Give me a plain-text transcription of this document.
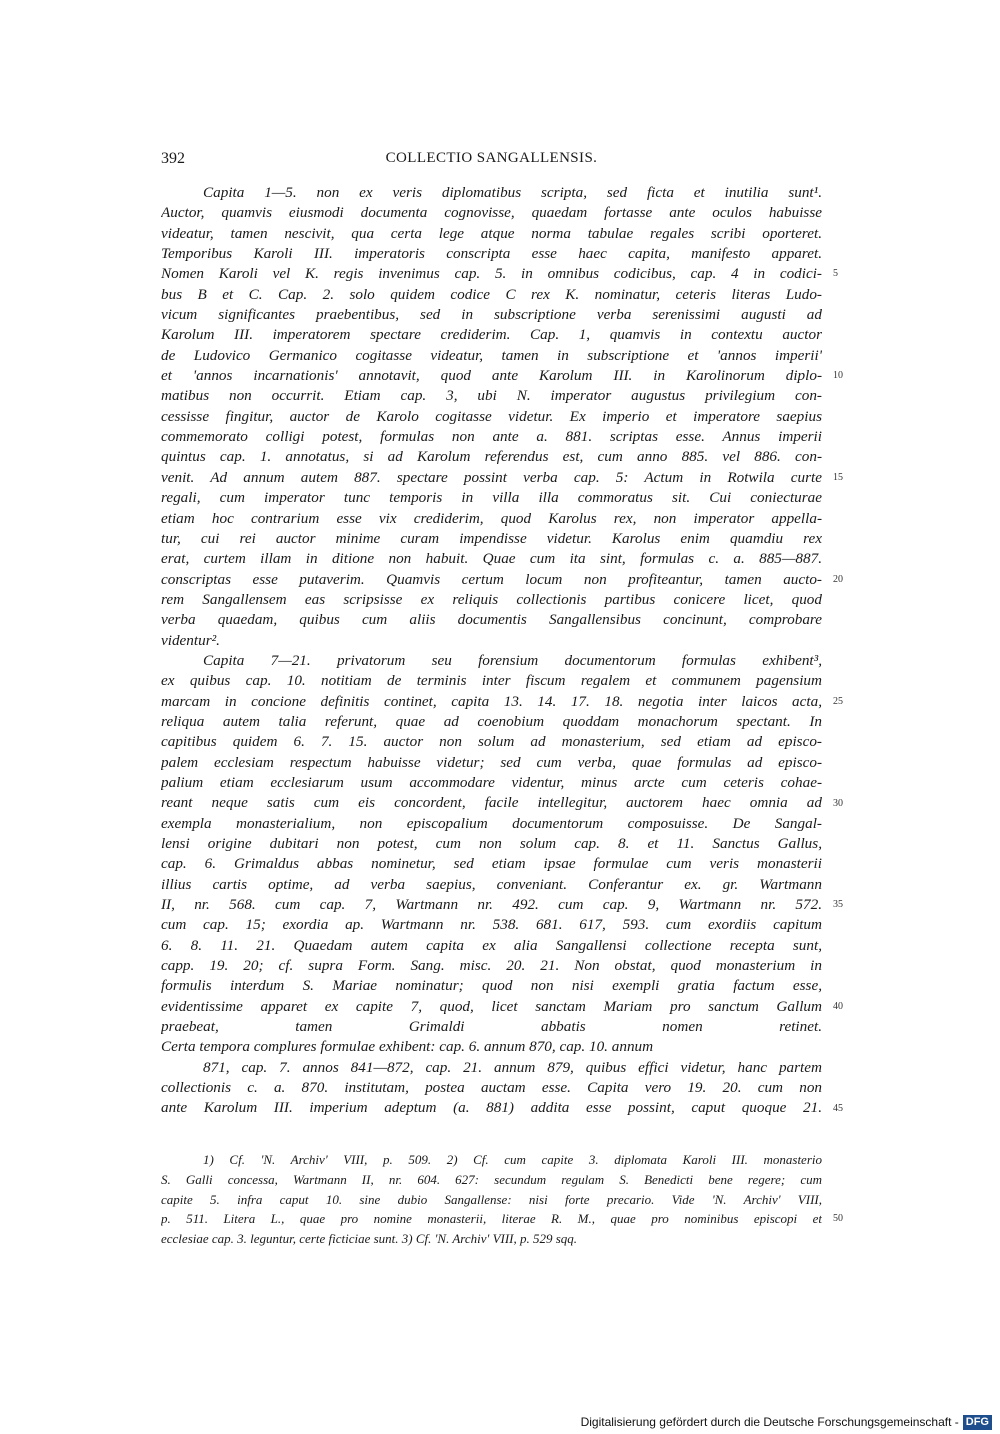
392	COLLECTIO SANGALLENSIS.
Capita 1—5. non ex veris diplomatibus scripta, sed ficta et inutilia sunt¹.
Auctor, quamvis eiusmodi documenta cognovisse, quaedam fortasse ante oculos habuisse
videatur, tamen nescivit, qua certa lege atque norma tabulae regales scribi oporteret.
Temporibus Karoli III. imperatoris conscripta esse haec capita, manifesto apparet.
Nomen Karoli vel K. regis invenimus cap. 5. in omnibus codicibus, cap. 4 in codici-
bus B et C. Cap. 2. solo quidem codice C rex K. nominatur, ceteris literas Ludo-
vicum significantes praebentibus, sed in subscriptione verba serenissimi augusti ad
Karolum III. imperatorem spectare crediderim. Cap. 1, quamvis in contextu auctor
de Ludovico Germanico cogitasse videatur, tamen in subscriptione et 'annos imperii'
et 'annos incarnationis' annotavit, quod ante Karolum III. in Karolinorum diplo-
matibus non occurrit. Etiam cap. 3, ubi N. imperator augustus privilegium con-
cessisse fingitur, auctor de Karolo cogitasse videtur. Ex imperio et imperatore saepius
commemorato colligi potest, formulas non ante a. 881. scriptas esse. Annus imperii
quintus cap. 1. annotatus, si ad Karolum referendus est, cum anno 885. vel 886. con-
venit. Ad annum autem 887. spectare possint verba cap. 5: Actum in Rotwila curte
regali, cum imperator tunc temporis in villa illa commoratus sit. Cui coniecturae
etiam hoc contrarium esse vix crediderim, quod Karolus rex, non imperator appella-
tur, cui rei auctor minime curam impendisse videtur. Karolus enim quamdiu rex
erat, curtem illam in ditione non habuit. Quae cum ita sint, formulas c. a. 885—887.
conscriptas esse putaverim. Quamvis certum locum non profiteantur, tamen aucto-
rem Sangallensem eas scripsisse ex reliquis collectionis partibus conicere licet, quod
verba quaedam, quibus cum aliis documentis Sangallensibus concinunt, comprobare
videntur².
Capita 7—21. privatorum seu forensium documentorum formulas exhibent³,
ex quibus cap. 10. notitiam de terminis inter fiscum regalem et communem pagensium
marcam in concione definitis continet, capita 13. 14. 17. 18. negotia inter laicos acta,
reliqua autem talia referunt, quae ad coenobium quoddam monachorum spectant. In
capitibus quidem 6. 7. 15. auctor non solum ad monasterium, sed etiam ad episco-
palem ecclesiam respectum habuisse videtur; sed cum verba, quae formulas ad episco-
palium etiam ecclesiarum usum accommodare videntur, minus arcte cum ceteris cohae-
reant neque satis cum eis concordent, facile intellegitur, auctorem haec omnia ad
exempla monasterialium, non episcopalium documentorum composuisse. De Sangal-
lensi origine dubitari non potest, cum non solum cap. 8. et 11. Sanctus Gallus,
cap. 6. Grimaldus abbas nominetur, sed etiam ipsae formulae cum veris monasterii
illius cartis optime, ad verba saepius, conveniant. Conferantur ex. gr. Wartmann
II, nr. 568. cum cap. 7, Wartmann nr. 492. cum cap. 9, Wartmann nr. 572.
cum cap. 15; exordia ap. Wartmann nr. 538. 681. 617, 593. cum exordiis capitum
6. 8. 11. 21. Quaedam autem capita ex alia Sangallensi collectione recepta sunt,
capp. 19. 20; cf. supra Form. Sang. misc. 20. 21. Non obstat, quod monasterium in
formulis interdum S. Mariae nominatur; quod non nisi exempli gratia factum esse,
evidentissime apparet ex capite 7, quod, licet sanctam Mariam pro sanctum Gallum
praebeat, tamen Grimaldi abbatis nomen retinet.
Certa tempora complures formulae exhibent: cap. 6. annum 870, cap. 10. annum
871, cap. 7. annos 841—872, cap. 21. annum 879, quibus effici videtur, hanc partem
collectionis c. a. 870. institutam, postea auctam esse. Capita vero 19. 20. cum non
ante Karolum III. imperium adeptum (a. 881) addita esse possint, caput quoque 21.
5
10
15
20
25
30
35
40
45
1) Cf. 'N. Archiv' VIII, p. 509. 2) Cf. cum capite 3. diplomata Karoli III. monasterio
S. Galli concessa, Wartmann II, nr. 604. 627: secundum regulam S. Benedicti bene regere; cum
capite 5. infra caput 10. sine dubio Sangallense: nisi forte precario. Vide 'N. Archiv' VIII,
p. 511. Litera L., quae pro nomine monasterii, literae R. M., quae pro nominibus episcopi et
ecclesiae cap. 3. leguntur, certe ficticiae sunt. 3) Cf. 'N. Archiv' VIII, p. 529 sqq.
50
Digitalisierung gefördert durch die Deutsche Forschungsgemeinschaft - DFG
